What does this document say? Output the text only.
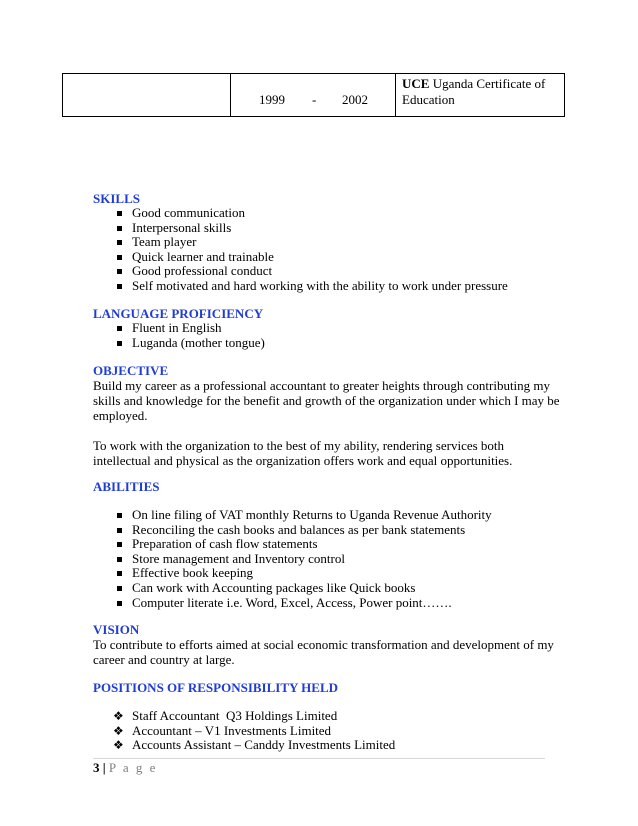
1999 - 2002
UCE Uganda Certificate of Education
SKILLS
Good communication
Interpersonal skills
Team player
Quick learner and trainable
Good professional conduct
Self motivated and hard working with the ability to work under pressure
LANGUAGE PROFICIENCY
Fluent in English
Luganda (mother tongue)
OBJECTIVE

Build my career as a professional accountant to greater heights through contributing my skills and knowledge for the benefit and growth of the organization under which I may be employed.

To work with the organization to the best of my ability, rendering services both intellectual and physical as the organization offers work and equal opportunities.

ABILITIES
On line filing of VAT monthly Returns to Uganda Revenue Authority
Reconciling the cash books and balances as per bank statements
Preparation of cash flow statements
Store management and Inventory control
Effective book keeping
Can work with Accounting packages like Quick books
Computer literate i.e. Word, Excel, Access, Power point…….
VISION

To contribute to efforts aimed at social economic transformation and development of my career and country at large.

POSITIONS OF RESPONSIBILITY HELD
❖ Staff Accountant  Q3 Holdings Limited
❖ Accountant – V1 Investments Limited
❖ Accounts Assistant – Canddy Investments Limited
3 | P a g e
